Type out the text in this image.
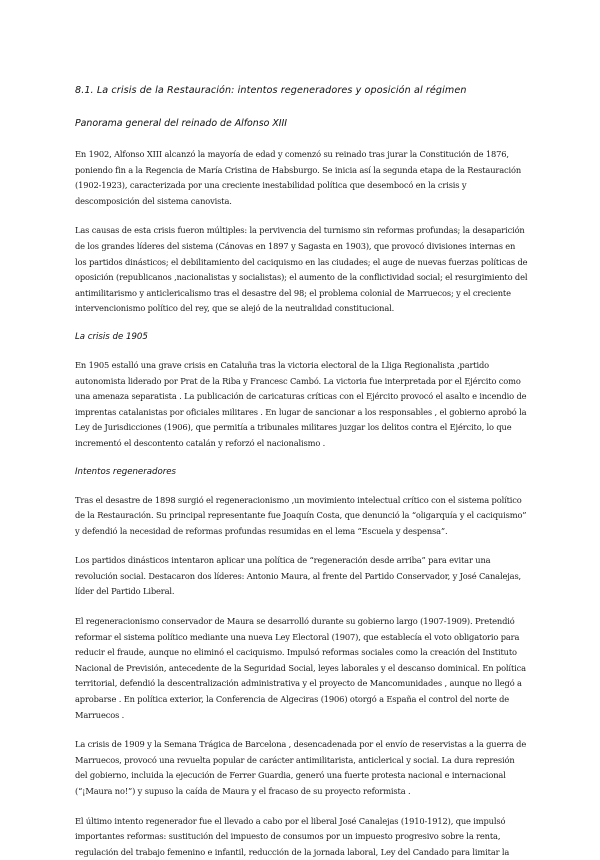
8.1. La crisis de la Restauración: intentos regeneradores y oposición al régimen
Panorama general del reinado de Alfonso XIII

En 1902, Alfonso XIII alcanzó la mayoría de edad y comenzó su reinado tras jurar la Constitución de 1876, poniendo fin a la Regencia de María Cristina de Habsburgo. Se inicia así la segunda etapa de la Restauración (1902-1923), caracterizada por una creciente inestabilidad política que desembocó en la crisis y descomposición del sistema canovista.

Las causas de esta crisis fueron múltiples: la pervivencia del turnismo sin reformas profundas; la desaparición de los grandes líderes del sistema (Cánovas en 1897 y Sagasta en 1903), que provocó divisiones internas en los partidos dinásticos; el debilitamiento del caciquismo en las ciudades; el auge de nuevas fuerzas políticas de oposición (republicanos ,nacionalistas y socialistas); el aumento de la conflictividad social; el resurgimiento del antimilitarismo y anticlericalismo tras el desastre del 98; el problema colonial de Marruecos; y el creciente intervencionismo político del rey, que se alejó de la neutralidad constitucional.

La crisis de 1905

En 1905 estalló una grave crisis en Cataluña tras la victoria electoral de la Lliga Regionalista ,partido autonomista liderado por Prat de la Riba y Francesc Cambó. La victoria fue interpretada por el Ejército como una amenaza separatista . La publicación de caricaturas críticas con el Ejército provocó el asalto e incendio de imprentas catalanistas por oficiales militares . En lugar de sancionar a los responsables , el gobierno aprobó la Ley de Jurisdicciones (1906), que permitía a tribunales militares juzgar los delitos contra el Ejército, lo que incrementó el descontento catalán y reforzó el nacionalismo .

Intentos regeneradores

Tras el desastre de 1898 surgió el regeneracionismo ,un movimiento intelectual crítico con el sistema político de la Restauración. Su principal representante fue Joaquín Costa, que denunció la “oligarquía y el caciquismo” y defendió la necesidad de reformas profundas resumidas en el lema “Escuela y despensa”.

Los partidos dinásticos intentaron aplicar una política de “regeneración desde arriba” para evitar una revolución social. Destacaron dos líderes: Antonio Maura, al frente del Partido Conservador, y José Canalejas, líder del Partido Liberal.

El regeneracionismo conservador de Maura se desarrolló durante su gobierno largo (1907-1909). Pretendió reformar el sistema político mediante una nueva Ley Electoral (1907), que establecía el voto obligatorio para reducir el fraude, aunque no eliminó el caciquismo. Impulsó reformas sociales como la creación del Instituto Nacional de Previsión, antecedente de la Seguridad Social, leyes laborales y el descanso dominical. En política territorial, defendió la descentralización administrativa y el proyecto de Mancomunidades , aunque no llegó a aprobarse . En política exterior, la Conferencia de Algeciras (1906) otorgó a España el control del norte de Marruecos .

La crisis de 1909 y la Semana Trágica de Barcelona , desencadenada por el envío de reservistas a la guerra de Marruecos, provocó una revuelta popular de carácter antimilitarista, anticlerical y social. La dura represión del gobierno, incluida la ejecución de Ferrer Guardia, generó una fuerte protesta nacional e internacional (“¡Maura no!”) y supuso la caída de Maura y el fracaso de su proyecto reformista .

El último intento regenerador fue el llevado a cabo por el liberal José Canalejas (1910-1912), que impulsó importantes reformas: sustitución del impuesto de consumos por un impuesto progresivo sobre la renta, regulación del trabajo femenino e infantil, reducción de la jornada laboral, Ley del Candado para limitar la
